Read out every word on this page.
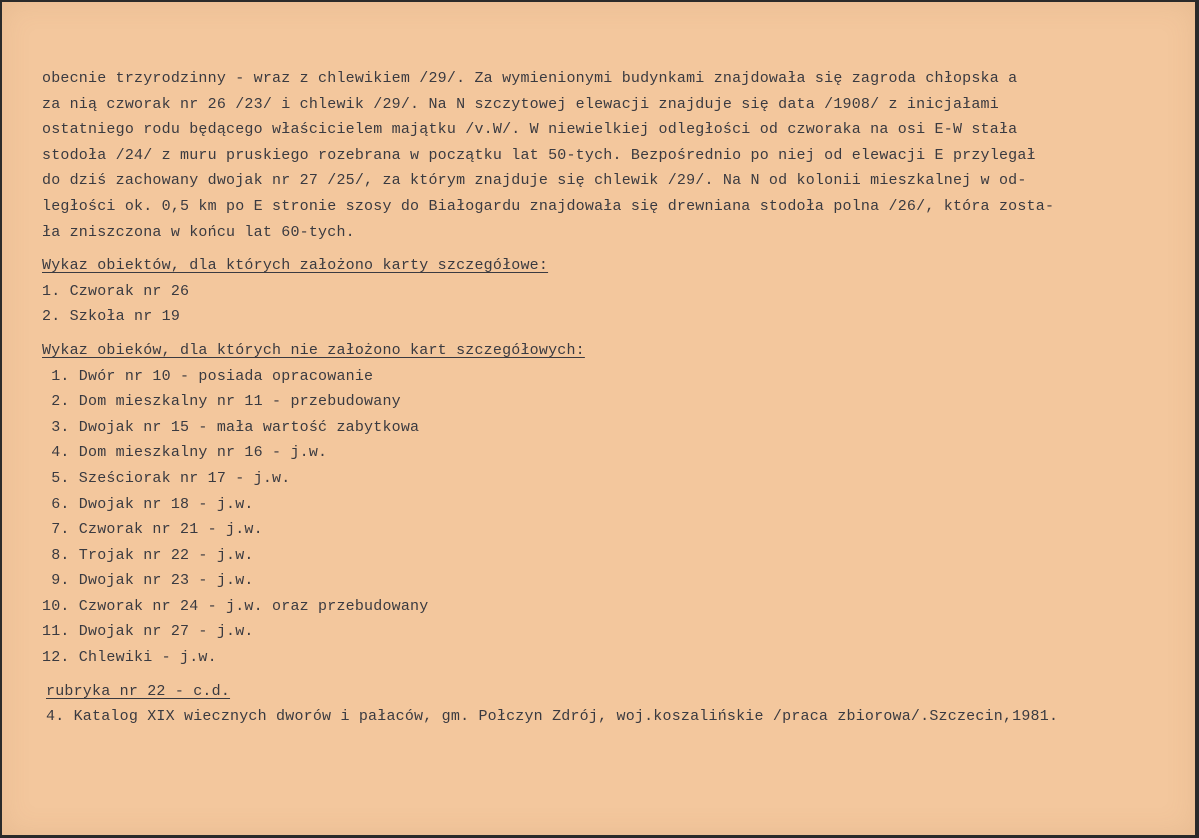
obecnie trzyrodzinny - wraz z chlewikiem /29/. Za wymienionymi budynkami znajdowała się zagroda chłopska a
za nią czworak nr 26 /23/ i chlewik /29/. Na N szczytowej elewacji znajduje się data /1908/ z inicjałami
ostatniego rodu będącego właścicielem majątku /v.W/. W niewielkiej odległości od czworaka na osi E-W stała
stodoła /24/ z muru pruskiego rozebrana w początku lat 50-tych. Bezpośrednio po niej od elewacji E przylegał
do dziś zachowany dwojak nr 27 /25/, za którym znajduje się chlewik /29/. Na N od kolonii mieszkalnej w od-
ległości ok. 0,5 km po E stronie szosy do Białogardu znajdowała się drewniana stodoła polna /26/, która zosta-
ła zniszczona w końcu lat 60-tych.
Wykaz obiektów, dla których założono karty szczegółowe:
1. Czworak nr 26
2. Szkoła nr 19
Wykaz obieków, dla których nie założono kart szczegółowych:
1. Dwór nr 10 - posiada opracowanie
2. Dom mieszkalny nr 11 - przebudowany
3. Dwojak nr 15 - mała wartość zabytkowa
4. Dom mieszkalny nr 16 - j.w.
5. Sześciorak nr 17 - j.w.
6. Dwojak nr 18 - j.w.
7. Czworak nr 21 - j.w.
8. Trojak nr 22 - j.w.
9. Dwojak nr 23 - j.w.
10. Czworak nr 24 - j.w. oraz przebudowany
11. Dwojak nr 27 - j.w.
12. Chlewiki - j.w.
rubryka nr 22 - c.d.
4. Katalog XIX wiecznych dworów i pałaców, gm. Połczyn Zdrój, woj.koszalińskie /praca zbiorowa/.Szczecin,1981.
